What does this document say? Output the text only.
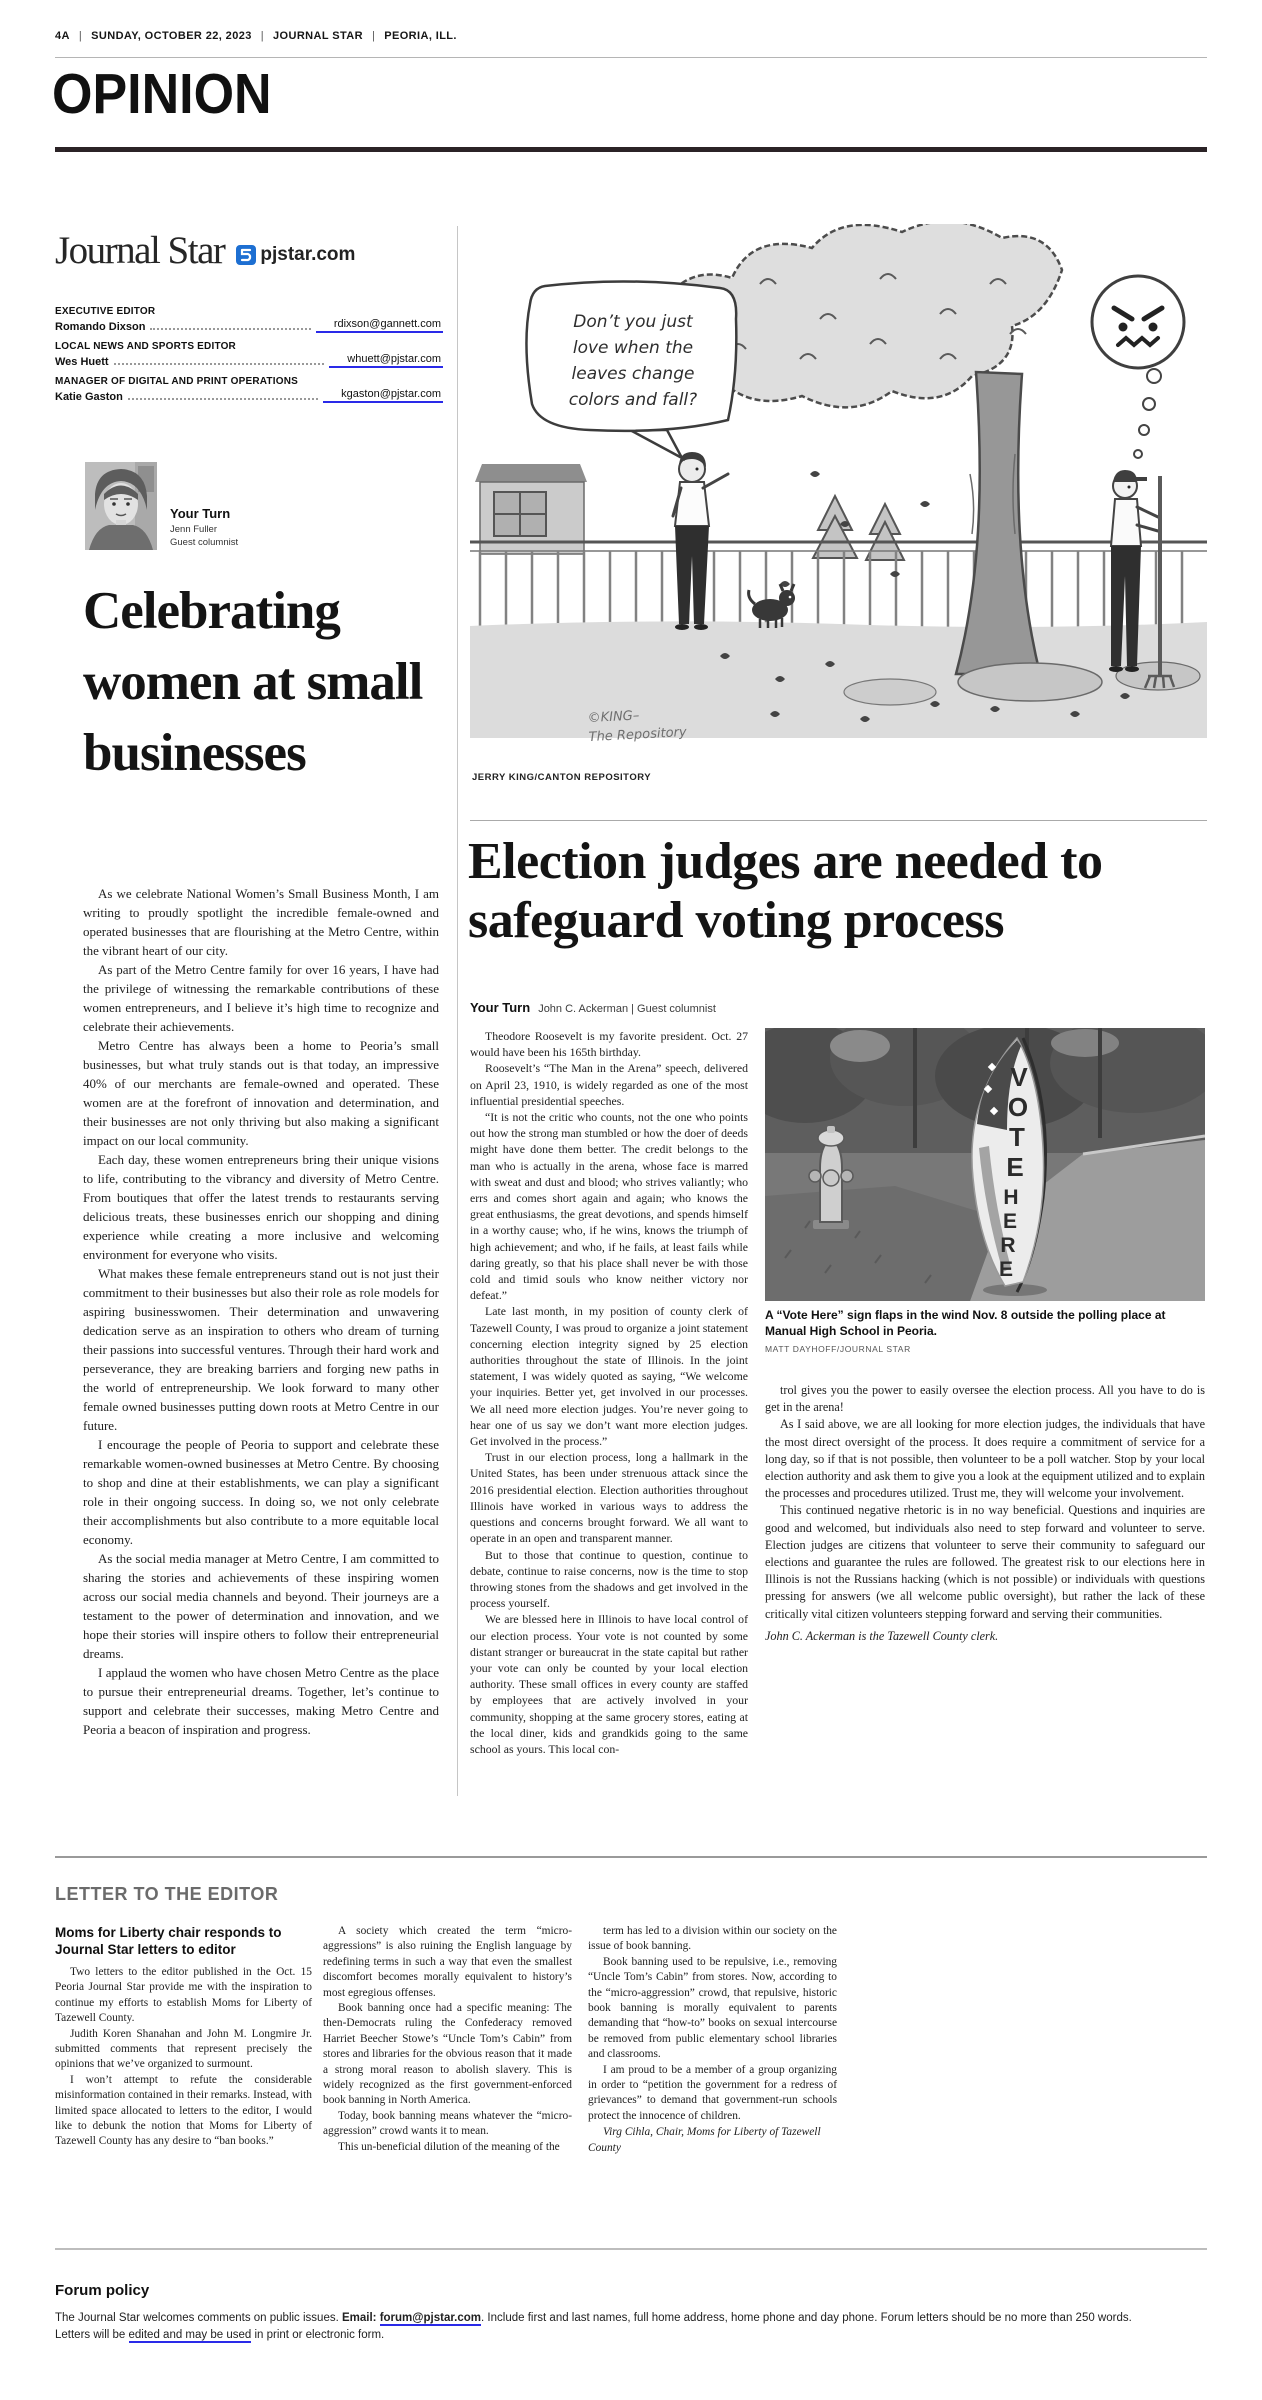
4A | SUNDAY, OCTOBER 22, 2023 | JOURNAL STAR | PEORIA, ILL.
OPINION
Journal Star pjstar.com
EXECUTIVE EDITOR
Romando Dixson	rdixson@gannett.com
LOCAL NEWS AND SPORTS EDITOR
Wes Huett	whuett@pjstar.com
MANAGER OF DIGITAL AND PRINT OPERATIONS
Katie Gaston	kgaston@pjstar.com
Your Turn
Jenn Fuller
Guest columnist
Celebrating women at small businesses

As we celebrate National Women’s Small Business Month, I am writing to proudly spotlight the incredible female-owned and operated businesses that are flourishing at the Metro Centre, within the vibrant heart of our city.

As part of the Metro Centre family for over 16 years, I have had the privilege of witnessing the remarkable contributions of these women entrepreneurs, and I believe it’s high time to recognize and celebrate their achievements.

Metro Centre has always been a home to Peoria’s small businesses, but what truly stands out is that today, an impressive 40% of our merchants are female-owned and operated. These women are at the forefront of innovation and determination, and their businesses are not only thriving but also making a significant impact on our local community.

Each day, these women entrepreneurs bring their unique visions to life, contributing to the vibrancy and diversity of Metro Centre. From boutiques that offer the latest trends to restaurants serving delicious treats, these businesses enrich our shopping and dining experience while creating a more inclusive and welcoming environment for everyone who visits.

What makes these female entrepreneurs stand out is not just their commitment to their businesses but also their role as role models for aspiring businesswomen. Their determination and unwavering dedication serve as an inspiration to others who dream of turning their passions into successful ventures. Through their hard work and perseverance, they are breaking barriers and forging new paths in the world of entrepreneurship. We look forward to many other female owned businesses putting down roots at Metro Centre in our future.

I encourage the people of Peoria to support and celebrate these remarkable women-owned businesses at Metro Centre. By choosing to shop and dine at their establishments, we can play a significant role in their ongoing success. In doing so, we not only celebrate their accomplishments but also contribute to a more equitable local economy.

As the social media manager at Metro Centre, I am committed to sharing the stories and achievements of these inspiring women across our social media channels and beyond. Their journeys are a testament to the power of determination and innovation, and we hope their stories will inspire others to follow their entrepreneurial dreams.

I applaud the women who have chosen Metro Centre as the place to pursue their entrepreneurial dreams. Together, let’s continue to support and celebrate their successes, making Metro Centre and Peoria a beacon of inspiration and progress.

Don’t you just
love when the
leaves change
colors and fall?
©KING–
The Repository
JERRY KING/CANTON REPOSITORY
Election judges are needed to safeguard voting process
Your Turn John C. Ackerman | Guest columnist

Theodore Roosevelt is my favorite president. Oct. 27 would have been his 165th birthday.

Roosevelt’s “The Man in the Arena” speech, delivered on April 23, 1910, is widely regarded as one of the most influential presidential speeches.

“It is not the critic who counts, not the one who points out how the strong man stumbled or how the doer of deeds might have done them better. The credit belongs to the man who is actually in the arena, whose face is marred with sweat and dust and blood; who strives valiantly; who errs and comes short again and again; who knows the great enthusiasms, the great devotions, and spends himself in a worthy cause; who, if he wins, knows the triumph of high achievement; and who, if he fails, at least fails while daring greatly, so that his place shall never be with those cold and timid souls who know neither victory nor defeat.”

Late last month, in my position of county clerk of Tazewell County, I was proud to organize a joint statement concerning election integrity signed by 25 election authorities throughout the state of Illinois. In the joint statement, I was widely quoted as saying, “We welcome your inquiries. Better yet, get involved in our processes. We all need more election judges. You’re never going to hear one of us say we don’t want more election judges. Get involved in the process.”

Trust in our election process, long a hallmark in the United States, has been under strenuous attack since the 2016 presidential election. Election authorities throughout Illinois have worked in various ways to address the questions and concerns brought forward. We all want to operate in an open and transparent manner.

But to those that continue to question, continue to debate, continue to raise concerns, now is the time to stop throwing stones from the shadows and get involved in the process yourself.

We are blessed here in Illinois to have local control of our election process. Your vote is not counted by some distant stranger or bureaucrat in the state capital but rather your vote can only be counted by your local election authority. These small offices in every county are staffed by employees that are actively involved in your community, shopping at the same grocery stores, eating at the local diner, kids and grandkids going to the same school as yours. This local con-

V
O
T
E
H
E
R
E
A “Vote Here” sign flaps in the wind Nov. 8 outside the polling place at Manual High School in Peoria.
MATT DAYHOFF/JOURNAL STAR

trol gives you the power to easily oversee the election process. All you have to do is get in the arena!

As I said above, we are all looking for more election judges, the individuals that have the most direct oversight of the process. It does require a commitment of service for a long day, so if that is not possible, then volunteer to be a poll watcher. Stop by your local election authority and ask them to give you a look at the equipment utilized and to explain the processes and procedures utilized. Trust me, they will welcome your involvement.

This continued negative rhetoric is in no way beneficial. Questions and inquiries are good and welcomed, but individuals also need to step forward and volunteer to serve. Election judges are citizens that volunteer to serve their community to safeguard our elections and guarantee the rules are followed. The greatest risk to our elections here in Illinois is not the Russians hacking (which is not possible) or individuals with questions pressing for answers (we all welcome public oversight), but rather the lack of these critically vital citizen volunteers stepping forward and serving their communities.

John C. Ackerman is the Tazewell County clerk.

LETTER TO THE EDITOR
Moms for Liberty chair responds to Journal Star letters to editor

Two letters to the editor published in the Oct. 15 Peoria Journal Star provide me with the inspiration to continue my efforts to establish Moms for Liberty of Tazewell County.

Judith Koren Shanahan and John M. Longmire Jr. submitted comments that represent precisely the opinions that we’ve organized to surmount.

I won’t attempt to refute the considerable misinformation contained in their remarks. Instead, with limited space allocated to letters to the editor, I would like to debunk the notion that Moms for Liberty of Tazewell County has any desire to “ban books.”

A society which created the term “micro-aggressions” is also ruining the English language by redefining terms in such a way that even the smallest discomfort becomes morally equivalent to history’s most egregious offenses.

Book banning once had a specific meaning: The then-Democrats ruling the Confederacy removed Harriet Beecher Stowe’s “Uncle Tom’s Cabin” from stores and libraries for the obvious reason that it made a strong moral reason to abolish slavery. This is widely recognized as the first government-enforced book banning in North America.

Today, book banning means whatever the “micro-aggression” crowd wants it to mean.

This un-beneficial dilution of the meaning of the

term has led to a division within our society on the issue of book banning.

Book banning used to be repulsive, i.e., removing “Uncle Tom’s Cabin” from stores. Now, according to the “micro-aggression” crowd, that repulsive, historic book banning is morally equivalent to parents demanding that “how-to” books on sexual intercourse be removed from public elementary school libraries and classrooms.

I am proud to be a member of a group organizing in order to “petition the government for a redress of grievances” to demand that government-run schools protect the innocence of children.

Virg Cihla, Chair, Moms for Liberty of Tazewell County

Forum policy
The Journal Star welcomes comments on public issues. Email: forum@pjstar.com. Include first and last names, full home address, home phone and day phone. Forum letters should be no more than 250 words. Letters will be edited and may be used in print or electronic form.
